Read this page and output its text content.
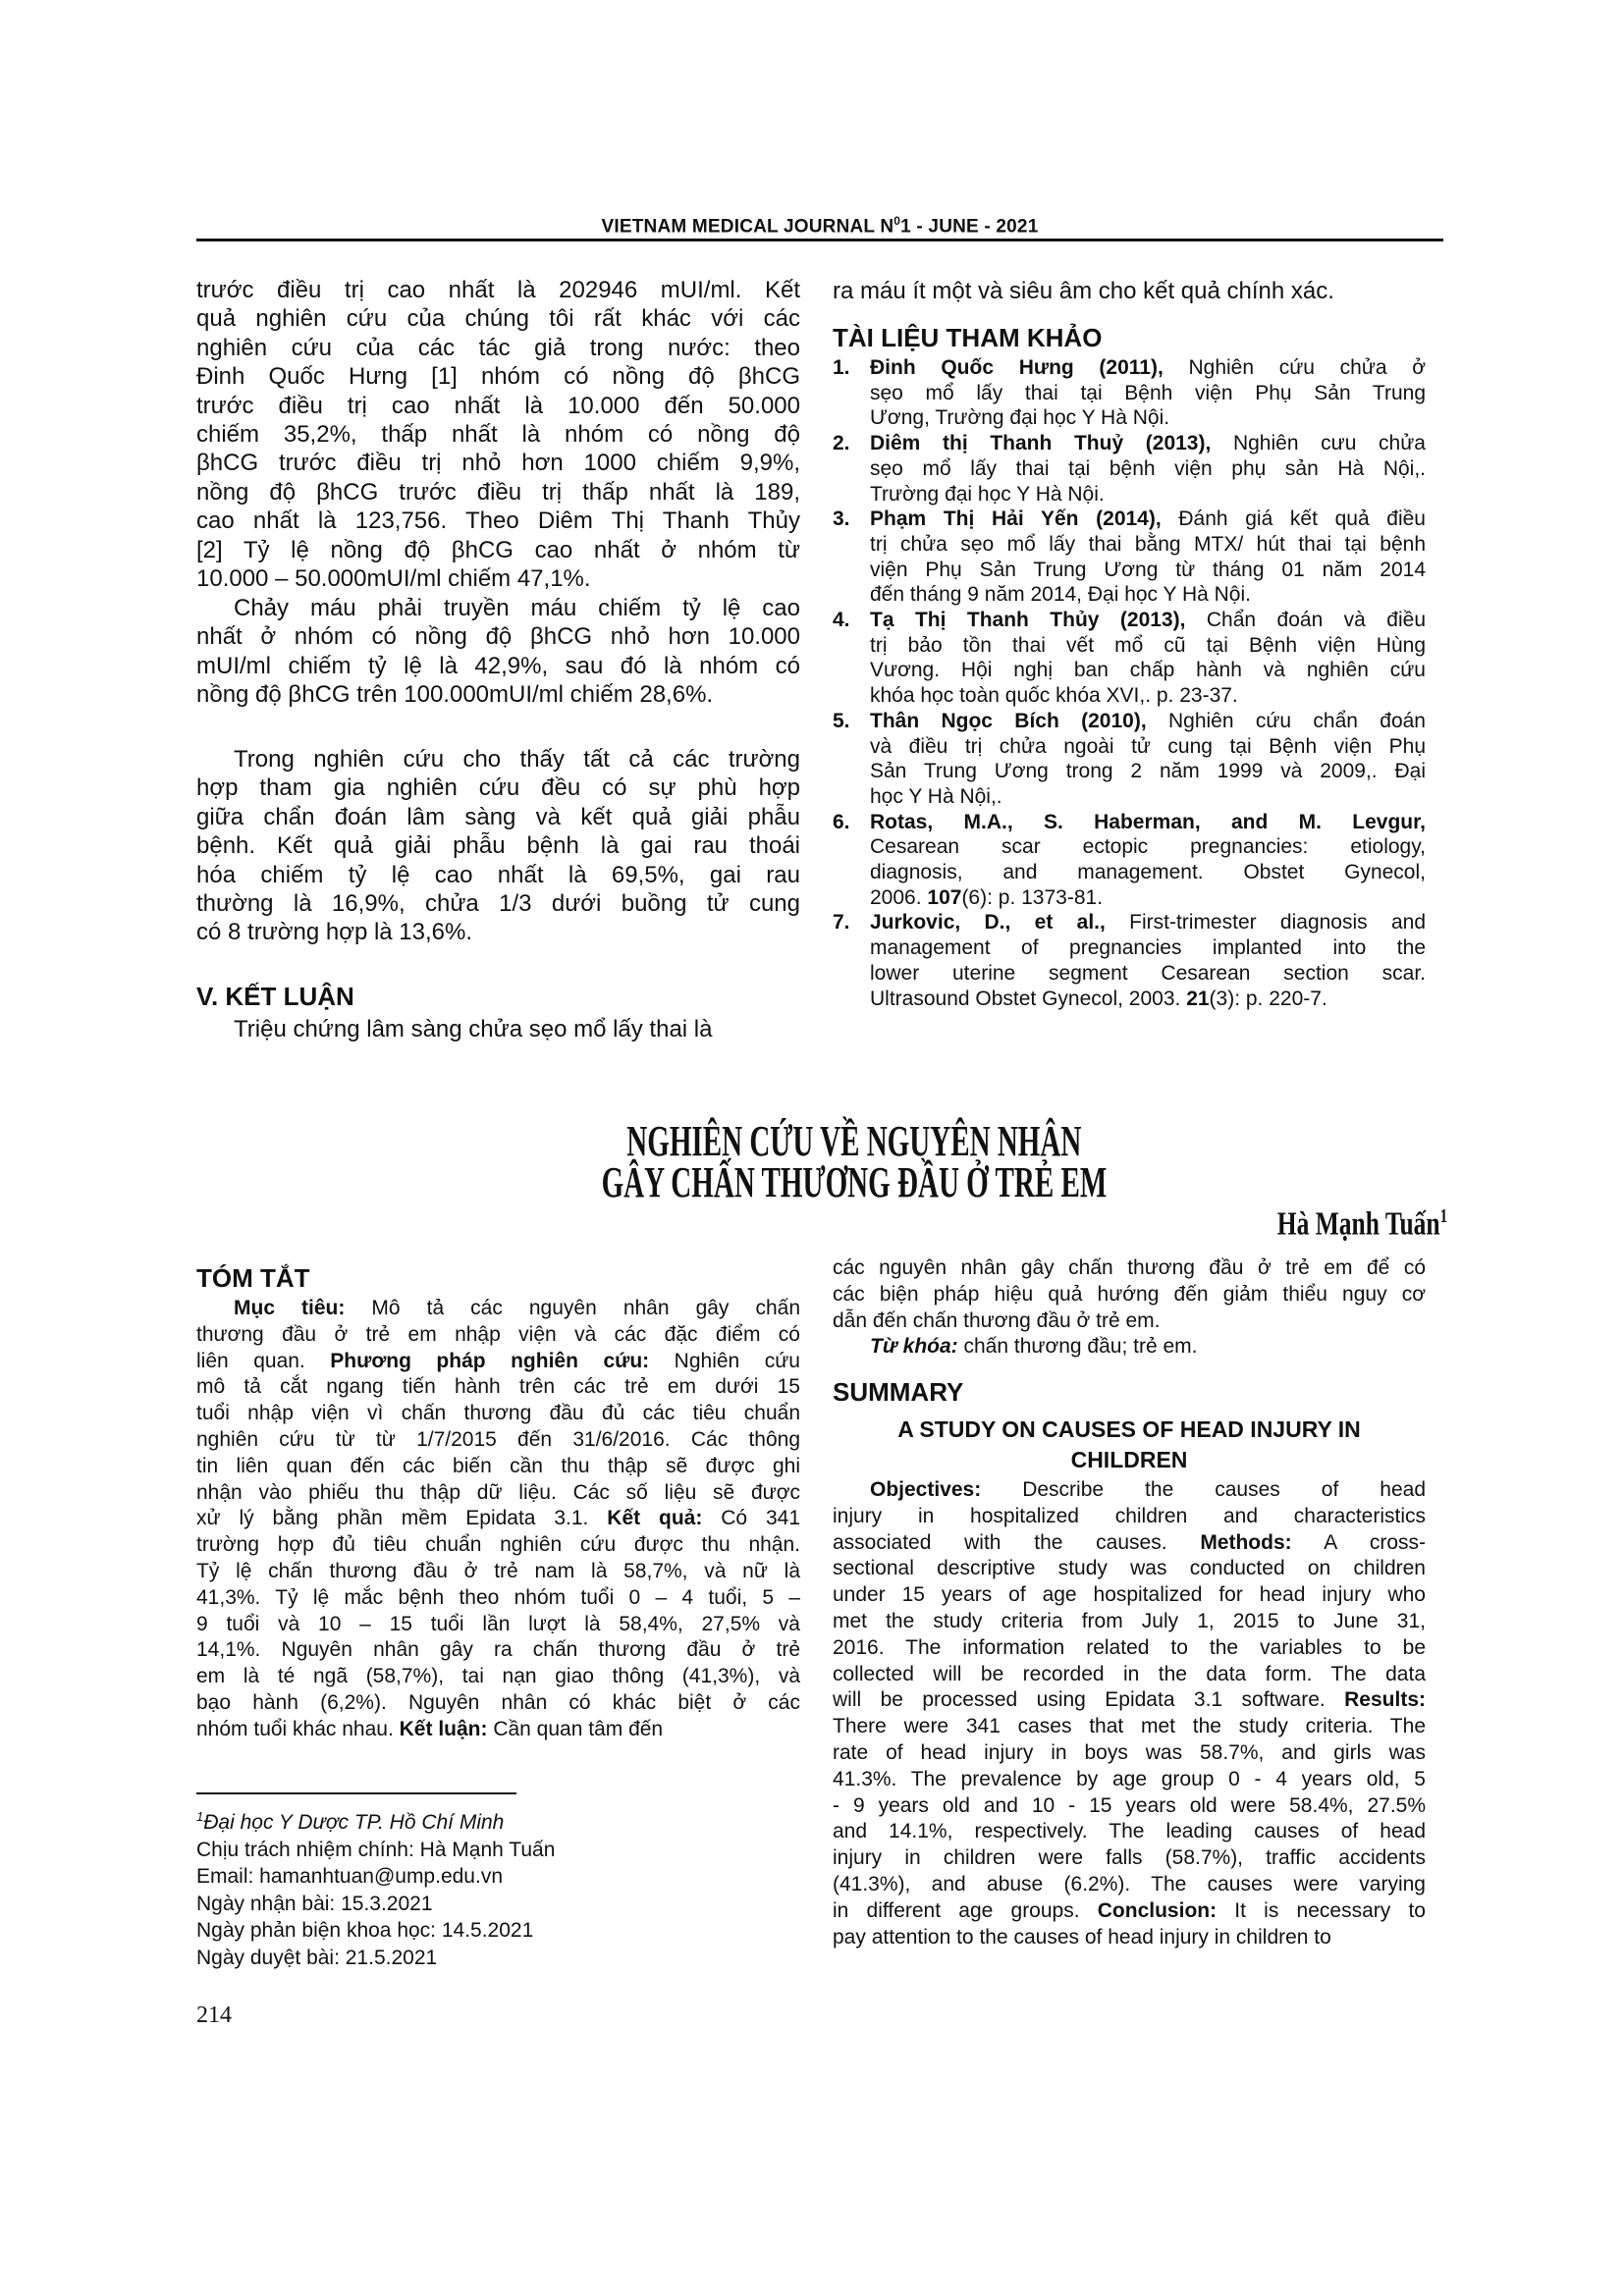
VIETNAM MEDICAL JOURNAL $N^01$ - JUNE - 2021
trước điều trị cao nhất là 202946 mUI/ml. Kết
quả nghiên cứu của chúng tôi rất khác với các
nghiên cứu của các tác giả trong nước: theo
Đinh Quốc Hưng [1] nhóm có nồng độ βhCG
trước điều trị cao nhất là 10.000 đến 50.000
chiếm 35,2%, thấp nhất là nhóm có nồng độ
βhCG trước điều trị nhỏ hơn 1000 chiếm 9,9%,
nồng độ βhCG trước điều trị thấp nhất là 189,
cao nhất là 123,756. Theo Diêm Thị Thanh Thủy
[2] Tỷ lệ nồng độ βhCG cao nhất ở nhóm từ
10.000 – 50.000mUI/ml chiếm 47,1%.
Chảy máu phải truyền máu chiếm tỷ lệ cao
nhất ở nhóm có nồng độ βhCG nhỏ hơn 10.000
mUI/ml chiếm tỷ lệ là 42,9%, sau đó là nhóm có
nồng độ βhCG trên 100.000mUI/ml chiếm 28,6%.
Trong nghiên cứu cho thấy tất cả các trường
hợp tham gia nghiên cứu đều có sự phù hợp
giữa chẩn đoán lâm sàng và kết quả giải phẫu
bệnh. Kết quả giải phẫu bệnh là gai rau thoái
hóa chiếm tỷ lệ cao nhất là 69,5%, gai rau
thường là 16,9%, chửa 1/3 dưới buồng tử cung
có 8 trường hợp là 13,6%.
V. KẾT LUẬN
Triệu chứng lâm sàng chửa sẹo mổ lấy thai là
ra máu ít một và siêu âm cho kết quả chính xác.
TÀI LIỆU THAM KHẢO
1. Đinh Quốc Hưng (2011), Nghiên cứu chửa ở
sẹo mổ lấy thai tại Bệnh viện Phụ Sản Trung
Ương, Trường đại học Y Hà Nội.
2. Diêm thị Thanh Thuỷ (2013), Nghiên cưu chửa
sẹo mổ lấy thai tại bệnh viện phụ sản Hà Nội,.
Trường đại học Y Hà Nội.
3. Phạm Thị Hải Yến (2014), Đánh giá kết quả điều
trị chửa sẹo mổ lấy thai bằng MTX/ hút thai tại bệnh
viện Phụ Sản Trung Ương từ tháng 01 năm 2014
đến tháng 9 năm 2014, Đại học Y Hà Nội.
4. Tạ Thị Thanh Thủy (2013), Chẩn đoán và điều
trị bảo tồn thai vết mổ cũ tại Bệnh viện Hùng
Vương. Hội nghị ban chấp hành và nghiên cứu
khóa học toàn quốc khóa XVI,. p. 23-37.
5. Thân Ngọc Bích (2010), Nghiên cứu chẩn đoán
và điều trị chửa ngoài tử cung tại Bệnh viện Phụ
Sản Trung Ương trong 2 năm 1999 và 2009,. Đại
học Y Hà Nội,.
6. Rotas, M.A., S. Haberman, and M. Levgur,
Cesarean scar ectopic pregnancies: etiology,
diagnosis, and management. Obstet Gynecol,
2006. 107(6): p. 1373-81.
7. Jurkovic, D., et al., First-trimester diagnosis and
management of pregnancies implanted into the
lower uterine segment Cesarean section scar.
Ultrasound Obstet Gynecol, 2003. 21(3): p. 220-7.
NGHIÊN CỨU VỀ NGUYÊN NHÂN
GÂY CHẤN THƯƠNG ĐẦU Ở TRẺ EM
Hà Mạnh Tuấn$^1$
TÓM TẮT
Mục tiêu: Mô tả các nguyên nhân gây chấn
thương đầu ở trẻ em nhập viện và các đặc điểm có
liên quan. Phương pháp nghiên cứu: Nghiên cứu
mô tả cắt ngang tiến hành trên các trẻ em dưới 15
tuổi nhập viện vì chấn thương đầu đủ các tiêu chuẩn
nghiên cứu từ từ 1/7/2015 đến 31/6/2016. Các thông
tin liên quan đến các biến cần thu thập sẽ được ghi
nhận vào phiếu thu thập dữ liệu. Các số liệu sẽ được
xử lý bằng phần mềm Epidata 3.1. Kết quả: Có 341
trường hợp đủ tiêu chuẩn nghiên cứu được thu nhận.
Tỷ lệ chấn thương đầu ở trẻ nam là 58,7%, và nữ là
41,3%. Tỷ lệ mắc bệnh theo nhóm tuổi 0 – 4 tuổi, 5 –
9 tuổi và 10 – 15 tuổi lần lượt là 58,4%, 27,5% và
14,1%. Nguyên nhân gây ra chấn thương đầu ở trẻ
em là té ngã (58,7%), tai nạn giao thông (41,3%), và
bạo hành (6,2%). Nguyên nhân có khác biệt ở các
nhóm tuổi khác nhau. Kết luận: Cần quan tâm đến
$^1$Đại học Y Dược TP. Hồ Chí Minh
Chịu trách nhiệm chính: Hà Mạnh Tuấn
Email: hamanhtuan@ump.edu.vn
Ngày nhận bài: 15.3.2021
Ngày phản biện khoa học: 14.5.2021
Ngày duyệt bài: 21.5.2021
214
các nguyên nhân gây chấn thương đầu ở trẻ em để có
các biện pháp hiệu quả hướng đến giảm thiểu nguy cơ
dẫn đến chấn thương đầu ở trẻ em.
Từ khóa: chấn thương đầu; trẻ em.
SUMMARY
A STUDY ON CAUSES OF HEAD INJURY IN
CHILDREN
Objectives: Describe the causes of head
injury in hospitalized children and characteristics
associated with the causes. Methods: A cross-
sectional descriptive study was conducted on children
under 15 years of age hospitalized for head injury who
met the study criteria from July 1, 2015 to June 31,
2016. The information related to the variables to be
collected will be recorded in the data form. The data
will be processed using Epidata 3.1 software. Results:
There were 341 cases that met the study criteria. The
rate of head injury in boys was 58.7%, and girls was
41.3%. The prevalence by age group 0 - 4 years old, 5
- 9 years old and 10 - 15 years old were 58.4%, 27.5%
and 14.1%, respectively. The leading causes of head
injury in children were falls (58.7%), traffic accidents
(41.3%), and abuse (6.2%). The causes were varying
in different age groups. Conclusion: It is necessary to
pay attention to the causes of head injury in children to
